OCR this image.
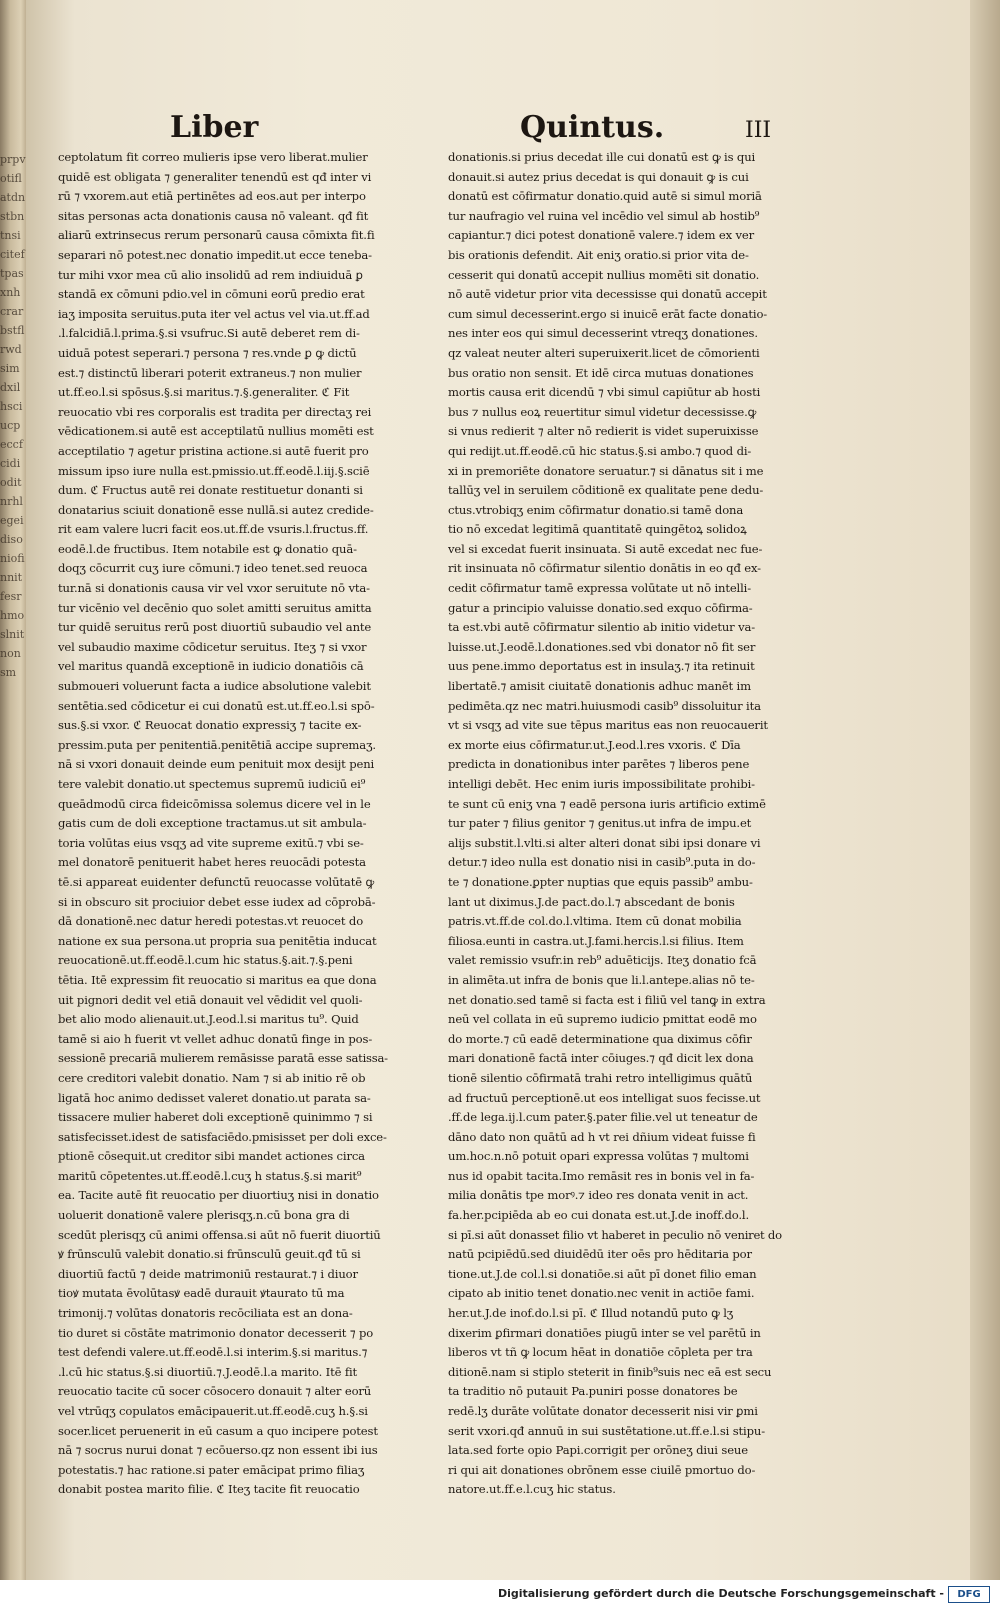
prpvotiflatdnstbntnsiciteftpasxnhcrarbstflrwdsimdxilhsciucpeccfcidioditnrhlegeidisoniofinnitfesrhmoslnitnonsm
Liber	Quintus.	III
ceptolatum fit correo mulieris ipse vero liberat.mulier
quidē est obligata ⁊ generaliter tenendū est qđ inter vi
rū ⁊ vxorem.aut etiā pertinētes ad eos.aut per interpo
sitas personas acta donationis causa nō valeant. qđ fit
aliarū extrinsecus rerum personarū causa cōmixta fit.fi
separari nō potest.nec donatio impedit.ut ecce teneba-
tur mihi vxor mea cū alio insolidū ad rem indiuiduā ꝑ
standā ex cōmuni pdio.vel in cōmuni eorū predio erat
iaʒ imposita seruitus.puta iter vel actus vel via.ut.ff.ad
.l.falcidiā.l.prima.§.si vsufruc.Si autē deberet rem di-
uiduā potest seperari.⁊ persona ⁊ res.vnde ꝑ ꝙ dictū
est.⁊ distinctū liberari poterit extraneus.⁊ non mulier
ut.ff.eo.l.si spōsus.§.si maritus.⁊.§.generaliter. ℭ Fit
reuocatio vbi res corporalis est tradita per directaʒ rei
vēdicationem.si autē est acceptilatū nullius momēti est
acceptilatio ⁊ agetur pristina actione.si autē fuerit pro
missum ipso iure nulla est.pmissio.ut.ff.eodē.l.iij.§.sciē
dum. ℭ Fructus autē rei donate restituetur donanti si
donatarius sciuit donationē esse nullā.si autez credide-
rit eam valere lucri facit eos.ut.ff.de vsuris.l.fructus.ff.
eodē.l.de fructibus. Item notabile est ꝙ donatio quā-
doqʒ cōcurrit cuʒ iure cōmuni.⁊ ideo tenet.sed reuoca
tur.nā si donationis causa vir vel vxor seruitute nō vta-
tur vicēnio vel decēnio quo solet amitti seruitus amitta
tur quidē seruitus rerū post diuortiū subaudio vel ante
vel subaudio maxime cōdicetur seruitus. Iteʒ ⁊ si vxor
vel maritus quandā exceptionē in iudicio donatiōis cā
submoueri voluerunt facta a iudice absolutione valebit
sentētia.sed cōdicetur ei cui donatū est.ut.ff.eo.l.si spō-
sus.§.si vxor. ℭ Reuocat donatio expressiʒ ⁊ tacite ex-
pressim.puta per penitentiā.penitētiā accipe supremaʒ.
nā si vxori donauit deinde eum penituit mox desijt peni
tere valebit donatio.ut spectemus supremū iudiciū ei⁹
queādmodū circa fideicōmissa solemus dicere vel in le
gatis cum de doli exceptione tractamus.ut sit ambula-
toria volūtas eius vsqʒ ad vite supreme exitū.⁊ vbi se-
mel donatorē penituerit habet heres reuocādi potesta
tē.si appareat euidenter defunctū reuocasse volūtatē ꝙ
si in obscuro sit prociuior debet esse iudex ad cōprobā-
dā donationē.nec datur heredi potestas.vt reuocet do
natione ex sua persona.ut propria sua penitētia inducat
reuocationē.ut.ff.eodē.l.cum hic status.§.ait.⁊.§.peni
tētia. Itē expressim fit reuocatio si maritus ea que dona
uit pignori dedit vel etiā donauit vel vēdidit vel quoli-
bet alio modo alienauit.ut.J.eod.l.si maritus tu⁹. Quid
tamē si aio h fuerit vt vellet adhuc donatū finge in pos-
sessionē precariā mulierem remāsisse paratā esse satissa-
cere creditori valebit donatio. Nam ⁊ si ab initio rē ob
ligatā hoc animo dedisset valeret donatio.ut parata sa-
tissacere mulier haberet doli exceptionē quinimmo ⁊ si
satisfecisset.idest de satisfaciēdo.pmisisset per doli exce-
ptionē cōsequit.ut creditor sibi mandet actiones circa
maritū cōpetentes.ut.ff.eodē.l.cuʒ h status.§.si marit⁹
ea. Tacite autē fit reuocatio per diuortiuʒ nisi in donatio
uoluerit donationē valere plerisqʒ.n.cū bona gra di
scedūt plerisqʒ cū animi offensa.si aūt nō fuerit diuortiū
ꝟ frūnsculū valebit donatio.si frūnsculū geuit.qđ tū si
diuortiū factū ⁊ deide matrimoniū restaurat.⁊ i diuor
tioꝟ mutata ēvolūtasꝟ eadē durauit ꝟtaurato tū ma
trimonij.⁊ volūtas donatoris recōciliata est an dona-
tio duret si cōstāte matrimonio donator decesserit ⁊ po
test defendi valere.ut.ff.eodē.l.si interim.§.si maritus.⁊
.l.cū hic status.§.si diuortiū.⁊.J.eodē.l.a marito. Itē fit
reuocatio tacite cū socer cōsocero donauit ⁊ alter eorū
vel vtrūqʒ copulatos emācipauerit.ut.ff.eodē.cuʒ h.§.si
socer.licet peruenerit in eū casum a quo incipere potest
nā ⁊ socrus nurui donat ⁊ ecōuerso.qz non essent ibi ius
potestatis.⁊ hac ratione.si pater emācipat primo filiaʒ
donabit postea marito filie. ℭ Iteʒ tacite fit reuocatio
donationis.si prius decedat ille cui donatū est ꝙ is qui
donauit.si autez prius decedat is qui donauit ꝙ is cui
donatū est cōfirmatur donatio.quid autē si simul moriā
tur naufragio vel ruina vel incēdio vel simul ab hostib⁹
capiantur.⁊ dici potest donationē valere.⁊ idem ex ver
bis orationis defendit. Ait eniʒ oratio.si prior vita de-
cesserit qui donatū accepit nullius momēti sit donatio.
nō autē videtur prior vita decessisse qui donatū accepit
cum simul decesserint.ergo si inuicē erāt facte donatio-
nes inter eos qui simul decesserint vtreqʒ donationes.
qz valeat neuter alteri superuixerit.licet de cōmorienti
bus oratio non sensit. Et idē circa mutuas donationes
mortis causa erit dicendū ⁊ vbi simul capiūtur ab hosti
bus ⁊ nullus eoꝝ reuertitur simul videtur decessisse.ꝙ
si vnus redierit ⁊ alter nō redierit is videt superuixisse
qui redijt.ut.ff.eodē.cū hic status.§.si ambo.⁊ quod di-
xi in premoriēte donatore seruatur.⁊ si dānatus sit i me
tallūʒ vel in seruilem cōditionē ex qualitate pene dedu-
ctus.vtrobiqʒ enim cōfirmatur donatio.si tamē dona
tio nō excedat legitimā quantitatē quingētoꝝ solidoꝝ
vel si excedat fuerit insinuata. Si autē excedat nec fue-
rit insinuata nō cōfirmatur silentio donātis in eo qđ ex-
cedit cōfirmatur tamē expressa volūtate ut nō intelli-
gatur a principio valuisse donatio.sed exquo cōfirma-
ta est.vbi autē cōfirmatur silentio ab initio videtur va-
luisse.ut.J.eodē.l.donationes.sed vbi donator nō fit ser
uus pene.immo deportatus est in insulaʒ.⁊ ita retinuit
libertatē.⁊ amisit ciuitatē donationis adhuc manēt im
pedimēta.qz nec matri.huiusmodi casib⁹ dissoluitur ita
vt si vsqʒ ad vite sue tēpus maritus eas non reuocauerit
ex morte eius cōfirmatur.ut.J.eod.l.res vxoris. ℭ Dīa
predicta in donationibus inter parētes ⁊ liberos pene
intelligi debēt. Hec enim iuris impossibilitate prohibi-
te sunt cū eniʒ vna ⁊ eadē persona iuris artificio extimē
tur pater ⁊ filius genitor ⁊ genitus.ut infra de impu.et
alijs substit.l.vlti.si alter alteri donat sibi ipsi donare vi
detur.⁊ ideo nulla est donatio nisi in casib⁹.puta in do-
te ⁊ donatione.ꝑpter nuptias que equis passib⁹ ambu-
lant ut diximus.J.de pact.do.l.⁊ abscedant de bonis
patris.vt.ff.de col.do.l.vltima. Item cū donat mobilia
filiosa.eunti in castra.ut.J.fami.hercis.l.si filius. Item
valet remissio vsufr.in reb⁹ aduēticijs. Iteʒ donatio fcā
in alimēta.ut infra de bonis que li.l.antepe.alias nō te-
net donatio.sed tamē si facta est i filiū vel tanꝙ in extra
neū vel collata in eū supremo iudicio pmittat eodē mo
do morte.⁊ cū eadē determinatione qua diximus cōfir
mari donationē factā inter cōiuges.⁊ qđ dicit lex dona
tionē silentio cōfirmatā trahi retro intelligimus quātū
ad fructuū perceptionē.ut eos intelligat suos fecisse.ut
.ff.de lega.ij.l.cum pater.§.pater filie.vel ut teneatur de
dāno dato non quātū ad h vt rei dñium videat fuisse fi
um.hoc.n.nō potuit opari expressa volūtas ⁊ multomi
nus id opabit tacita.Imo remāsit res in bonis vel in fa-
milia donātis tpe morꝰ.⁊ ideo res donata venit in act.
fa.her.pcipiēda ab eo cui donata est.ut.J.de inoff.do.l.
si pī.si aūt donasset filio vt haberet in peculio nō veniret do
natū pcipiēdū.sed diuidēdū iter oēs pro hēditaria por
tione.ut.J.de col.l.si donatiōe.si aūt pī donet filio eman
cipato ab initio tenet donatio.nec venit in actiōe fami.
her.ut.J.de inof.do.l.si pī. ℭ Illud notandū puto ꝙ lʒ
dixerim ꝑfirmari donatiōes piugū inter se vel parētū in
liberos vt tñ ꝙ locum hēat in donatiōe cōpleta per tra
ditionē.nam si stiplo steterit in finib⁹suis nec eā est secu
ta traditio nō putauit Pa.puniri posse donatores be
redē.lʒ durāte volūtate donator decesserit nisi vir ꝑmi
serit vxori.qđ annuū in sui sustētatione.ut.ff.e.l.si stipu-
lata.sed forte opio Papi.corrigit per orōneʒ diui seue
ri qui ait donationes obrōnem esse ciuilē pmortuo do-
natore.ut.ff.e.l.cuʒ hic status.
Digitalisierung gefördert durch die Deutsche Forschungsgemeinschaft -	DFG
